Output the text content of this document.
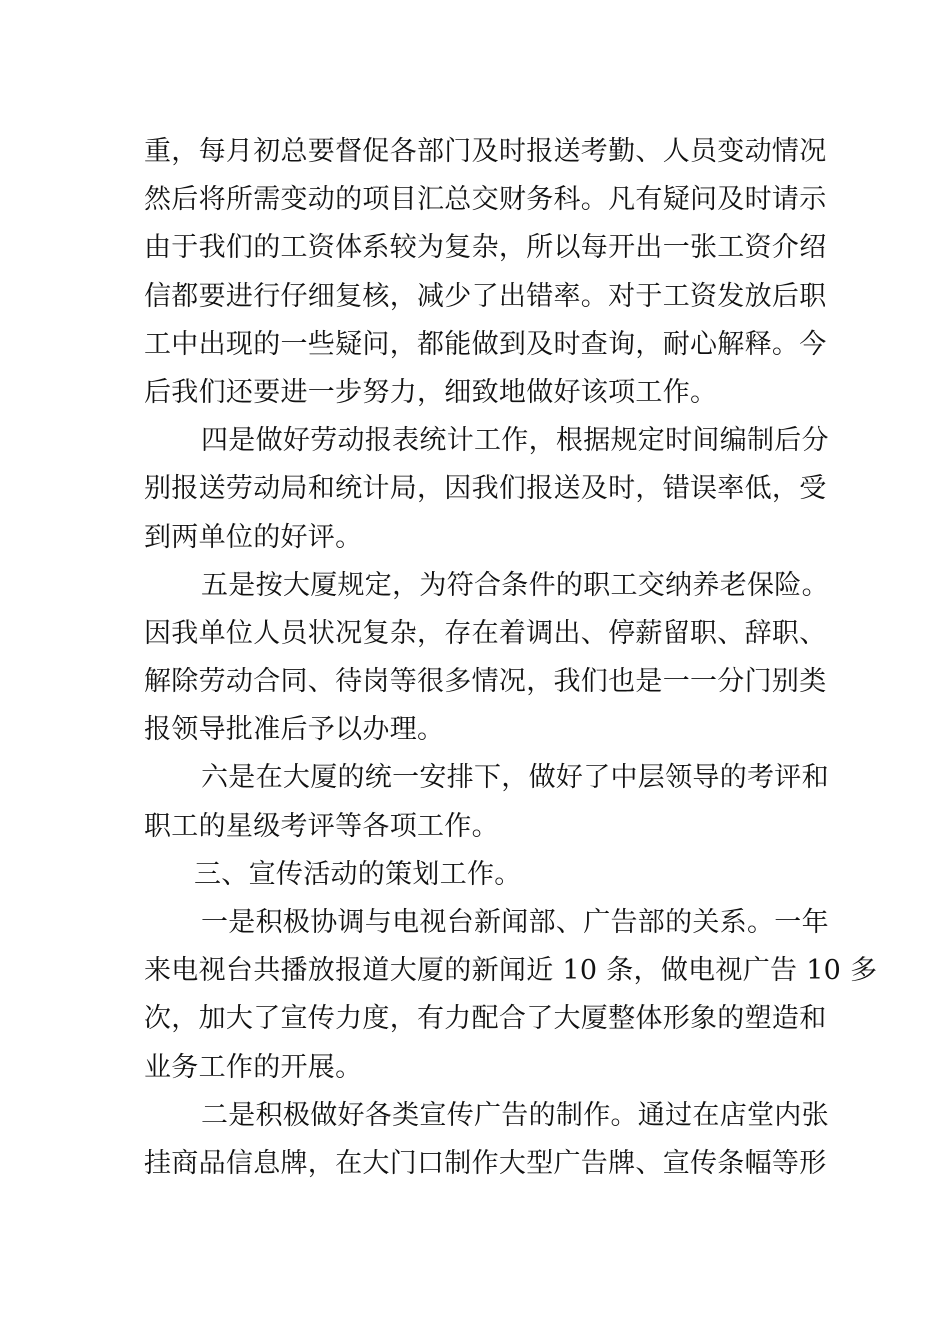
重，每月初总要督促各部门及时报送考勤、人员变动情况
然后将所需变动的项目汇总交财务科。凡有疑问及时请示
由于我们的工资体系较为复杂，所以每开出一张工资介绍
信都要进行仔细复核，减少了出错率。对于工资发放后职
工中出现的一些疑问，都能做到及时查询，耐心解释。今
后我们还要进一步努力，细致地做好该项工作。
四是做好劳动报表统计工作，根据规定时间编制后分
别报送劳动局和统计局，因我们报送及时，错误率低，受
到两单位的好评。
五是按大厦规定，为符合条件的职工交纳养老保险。
因我单位人员状况复杂，存在着调出、停薪留职、辞职、
解除劳动合同、待岗等很多情况，我们也是一一分门别类
报领导批准后予以办理。
六是在大厦的统一安排下，做好了中层领导的考评和
职工的星级考评等各项工作。
三、宣传活动的策划工作。
一是积极协调与电视台新闻部、广告部的关系。一年
来电视台共播放报道大厦的新闻近 10 条，做电视广告 10 多
次，加大了宣传力度，有力配合了大厦整体形象的塑造和
业务工作的开展。
二是积极做好各类宣传广告的制作。通过在店堂内张
挂商品信息牌，在大门口制作大型广告牌、宣传条幅等形
